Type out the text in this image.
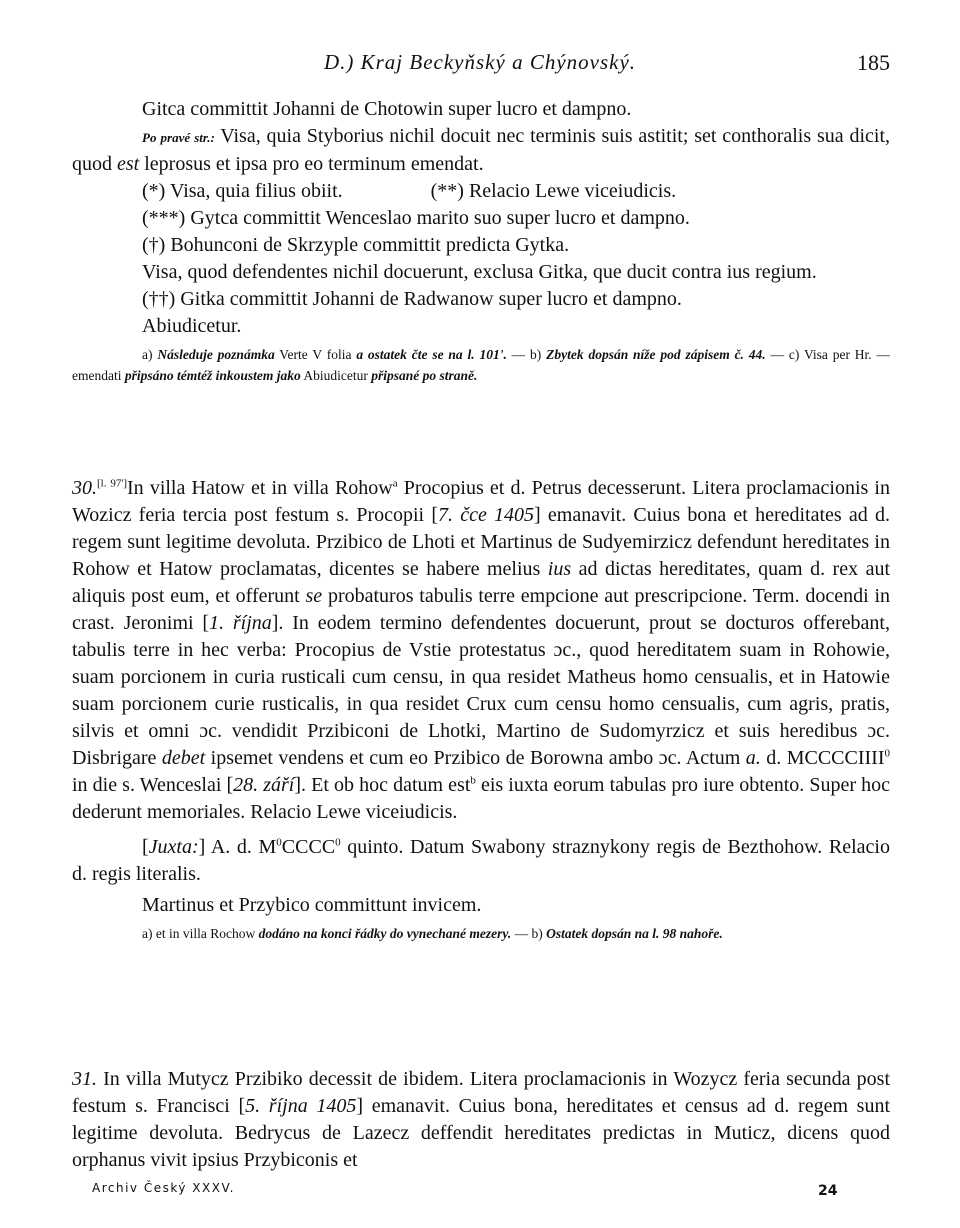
D.) Kraj Beckyňský a Chýnovský.	185

Gitca committit Johanni de Chotowin super lucro et dampno.

Po pravé str.: Visa, quia Styborius nichil docuit nec terminis suis astitit; set conthoralis sua dicit, quod est leprosus et ipsa pro eo terminum emendat.

(*) Visa, quia filius obiit.	(**) Relacio Lewe viceiudicis.

(***) Gytca committit Wenceslao marito suo super lucro et dampno.

(†) Bohunconi de Skrzyple committit predicta Gytka.

Visa, quod defendentes nichil docuerunt, exclusa Gitka, que ducit contra ius regium.

(††) Gitka committit Johanni de Radwanow super lucro et dampno.

Abiudicetur.

a) Následuje poznámka Verte V folia a ostatek čte se na l. 101'. — b) Zbytek dopsán níže pod zápisem č. 44. — c) Visa per Hr. — emendati připsáno témtéž inkoustem jako Abiudicetur připsané po straně.

30.[l. 97']In villa Hatow et in villa Rohow$^a$ Procopius et d. Petrus decesserunt. Litera proclamacionis in Wozicz feria tercia post festum s. Procopii [7. čce 1405] emanavit. Cuius bona et hereditates ad d. regem sunt legitime devoluta. Przibico de Lhoti et Martinus de Sudyemirzicz defendunt hereditates in Rohow et Hatow proclamatas, dicentes se habere melius ius ad dictas hereditates, quam d. rex aut aliquis post eum, et offerunt se probaturos tabulis terre empcione aut prescripcione. Term. docendi in crast. Jeronimi [1. října]. In eodem termino defendentes docuerunt, prout se docturos offerebant, tabulis terre in hec verba: Procopius de Vstie protestatus ɔc., quod hereditatem suam in Rohowie, suam porcionem in curia rusticali cum censu, in qua residet Matheus homo censualis, et in Hatowie suam porcionem curie rusticalis, in qua residet Crux cum censu homo censualis, cum agris, pratis, silvis et omni ɔc. vendidit Przibiconi de Lhotki, Martino de Sudomyrzicz et suis heredibus ɔc. Disbrigare debet ipsemet vendens et cum eo Przibico de Borowna ambo ɔc. Actum a. d. MCCCCIIII$^0$ in die s. Wenceslai [28. září]. Et ob hoc datum est$^b$ eis iuxta eorum tabulas pro iure obtento. Super hoc dederunt memoriales. Relacio Lewe viceiudicis.

[Juxta:] A. d. $M^0CCCC^0$ quinto. Datum Swabony straznykony regis de Bezthohow. Relacio d. regis literalis.

Martinus et Przybico committunt invicem.

a) et in villa Rochow dodáno na konci řádky do vynechané mezery. — b) Ostatek dopsán na l. 98 nahoře.

31. In villa Mutycz Przibiko decessit de ibidem. Litera proclamacionis in Wozycz feria secunda post festum s. Francisci [5. října 1405] emanavit. Cuius bona, hereditates et census ad d. regem sunt legitime devoluta. Bedrycus de Lazecz deffendit hereditates predictas in Muticz, dicens quod orphanus vivit ipsius Przybiconis et

Archiv Český XXXV.	24
